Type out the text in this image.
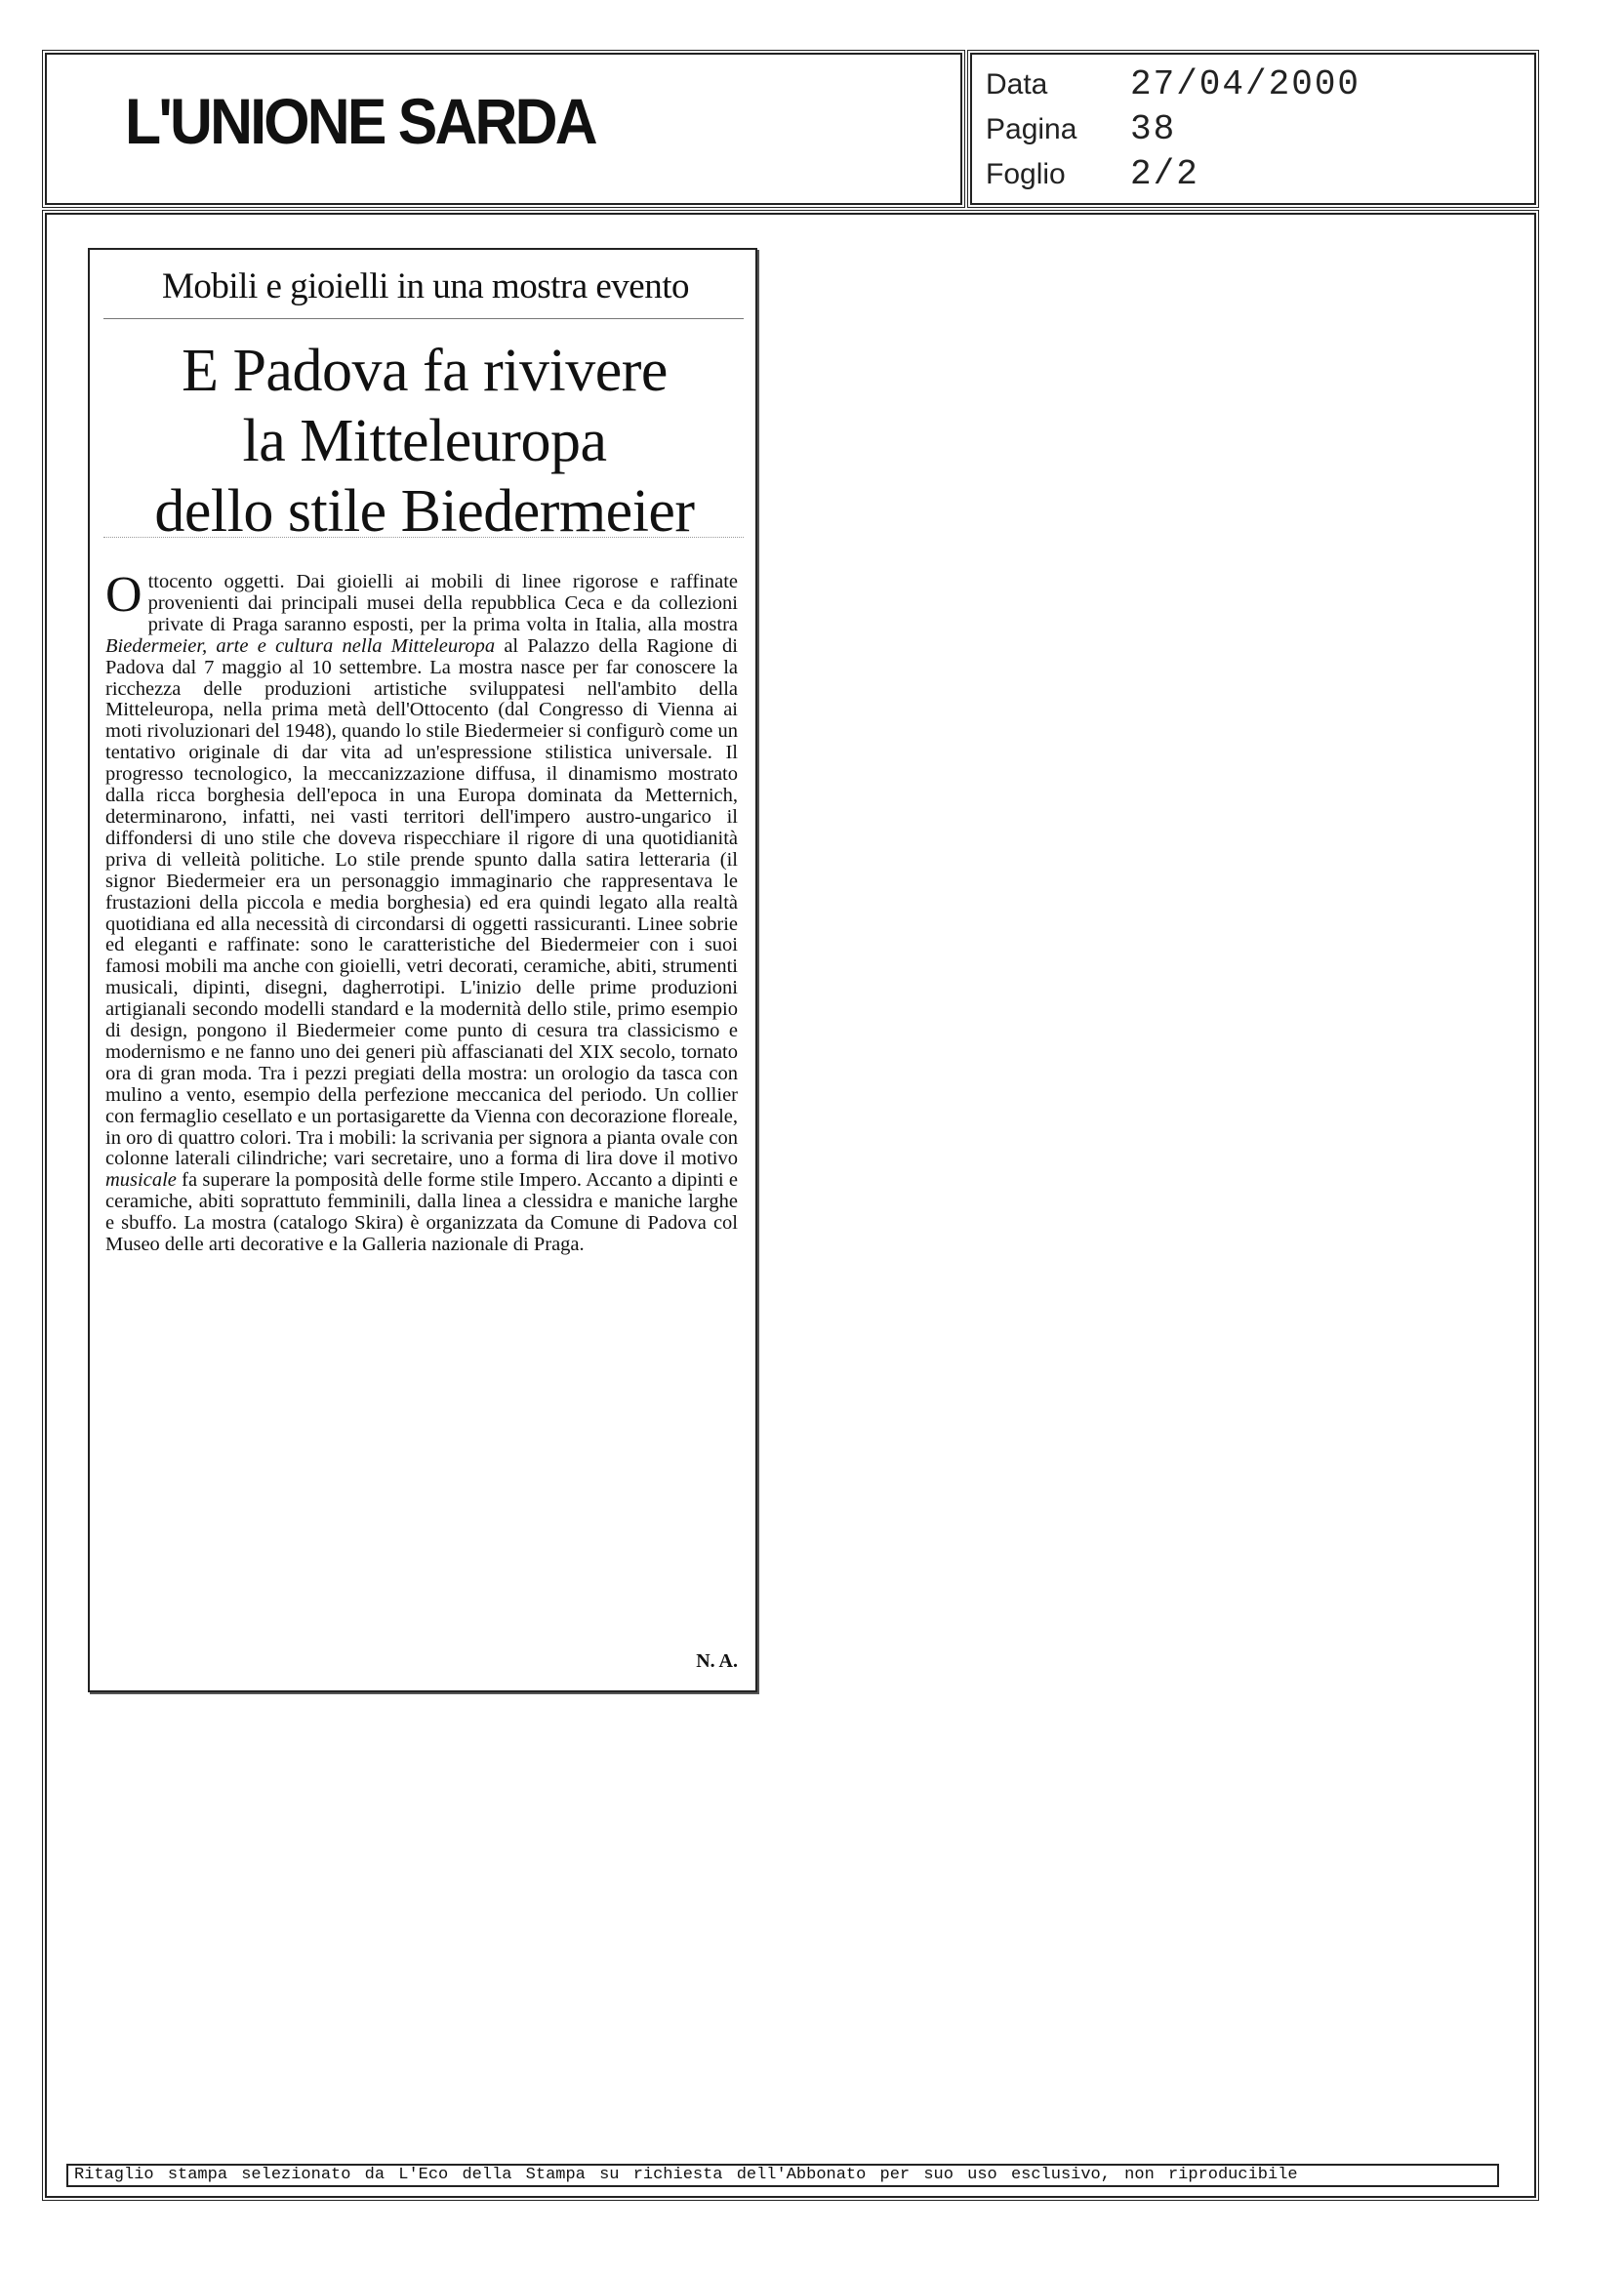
L'UNIONE SARDA
Data 27/04/2000
Pagina 38
Foglio 2/2
Mobili e gioielli in una mostra evento
E Padova fa rivivere
la Mitteleuropa
dello stile Biedermeier
Ottocento oggetti. Dai gioielli ai mobili di linee rigorose e raffinate provenienti dai principali musei della repubblica Ceca e da collezioni private di Praga saranno esposti, per la prima volta in Italia, alla mostra Biedermeier, arte e cultura nella Mitteleuropa al Palazzo della Ragione di Padova dal 7 maggio al 10 settembre. La mostra nasce per far conoscere la ricchezza delle produzioni artistiche sviluppatesi nell'ambito della Mitteleuropa, nella prima metà dell'Ottocento (dal Congresso di Vienna ai moti rivoluzionari del 1948), quando lo stile Biedermeier si configurò come un tentativo originale di dar vita ad un'espressione stilistica universale. Il progresso tecnologico, la meccanizzazione diffusa, il dinamismo mostrato dalla ricca borghesia dell'epoca in una Europa dominata da Metternich, determinarono, infatti, nei vasti territori dell'impero austro-ungarico il diffondersi di uno stile che doveva rispecchiare il rigore di una quotidianità priva di velleità politiche. Lo stile prende spunto dalla satira letteraria (il signor Biedermeier era un personaggio immaginario che rappresentava le frustazioni della piccola e media borghesia) ed era quindi legato alla realtà quotidiana ed alla necessità di circondarsi di oggetti rassicuranti. Linee sobrie ed eleganti e raffinate: sono le caratteristiche del Biedermeier con i suoi famosi mobili ma anche con gioielli, vetri decorati, ceramiche, abiti, strumenti musicali, dipinti, disegni, dagherrotipi. L'inizio delle prime produzioni artigianali secondo modelli standard e la modernità dello stile, primo esempio di design, pongono il Biedermeier come punto di cesura tra classicismo e modernismo e ne fanno uno dei generi più affascianati del XIX secolo, tornato ora di gran moda. Tra i pezzi pregiati della mostra: un orologio da tasca con mulino a vento, esempio della perfezione meccanica del periodo. Un collier con fermaglio cesellato e un portasigarette da Vienna con decorazione floreale, in oro di quattro colori. Tra i mobili: la scrivania per signora a pianta ovale con colonne laterali cilindriche; vari secretaire, uno a forma di lira dove il motivo musicale fa superare la pomposità delle forme stile Impero. Accanto a dipinti e ceramiche, abiti soprattuto femminili, dalla linea a clessidra e maniche larghe e sbuffo. La mostra (catalogo Skira) è organizzata da Comune di Padova col Museo delle arti decorative e la Galleria nazionale di Praga.
N. A.
Ritaglio stampa selezionato da L'Eco della Stampa su richiesta dell'Abbonato per suo uso esclusivo, non riproducibile
